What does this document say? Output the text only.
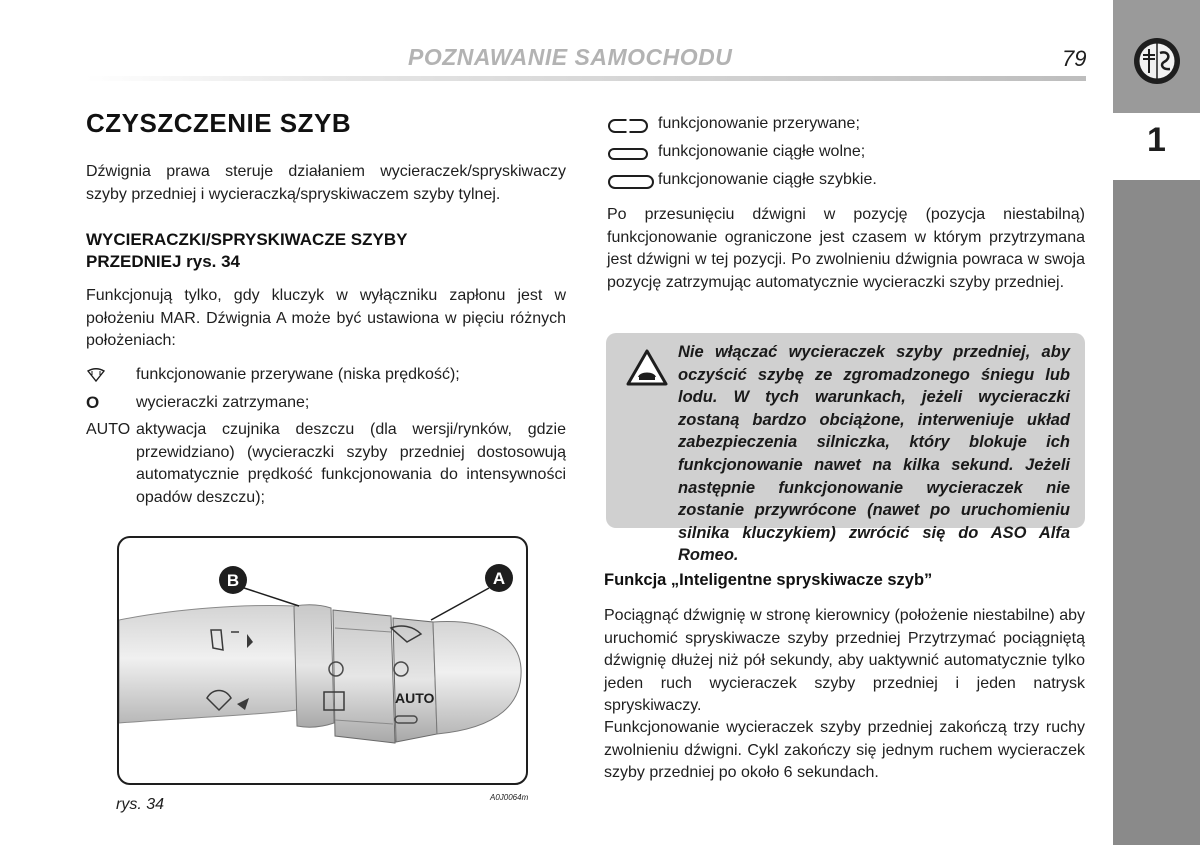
POZNAWANIE SAMOCHODU	79
1
CZYSZCZENIE SZYB
Dźwignia prawa steruje działaniem wycieraczek/spryskiwaczy szyby przedniej i wycieraczką/spryskiwaczem szyby tylnej.
WYCIERACZKI/SPRYSKIWACZE SZYBY PRZEDNIEJ rys. 34
Funkcjonują tylko, gdy kluczyk w wyłączniku zapłonu jest w położeniu MAR. Dźwignia A może być ustawiona w pięciu różnych położeniach:
funkcjonowanie przerywane (niska prędkość);
O wycieraczki zatrzymane;
AUTO aktywacja czujnika deszczu (dla wersji/rynków, gdzie przewidziano) (wycieraczki szyby przedniej dostosowują automatycznie prędkość funkcjonowania do intensywności opadów deszczu);
AUTO
B	A
rys. 34	A0J0064m
funkcjonowanie przerywane;
funkcjonowanie ciągłe wolne;
funkcjonowanie ciągłe szybkie.
Po przesunięciu dźwigni w pozycję (pozycja niestabilną) funkcjonowanie ograniczone jest czasem w którym przytrzymana jest dźwigni w tej pozycji. Po zwolnieniu dźwignia powraca w swoja pozycję zatrzymując automatycznie wycieraczki szyby przedniej.
Nie włączać wycieraczek szyby przedniej, aby oczyścić szybę ze zgromadzonego śniegu lub lodu. W tych warunkach, jeżeli wycieraczki zostaną bardzo obciążone, interweniuje układ zabezpieczenia silniczka, który blokuje ich funkcjonowanie nawet na kilka sekund. Jeżeli następnie funkcjonowanie wycieraczek nie zostanie przywrócone (nawet po uruchomieniu silnika kluczykiem) zwrócić się do ASO Alfa Romeo.
Funkcja „Inteligentne spryskiwacze szyb”
Pociągnąć dźwignię w stronę kierownicy (położenie niestabilne) aby uruchomić spryskiwacze szyby przedniej Przytrzymać pociągniętą dźwignię dłużej niż pół sekundy, aby uaktywnić automatycznie tylko jeden ruch wycieraczek szyby przedniej i jeden natrysk spryskiwaczy.
Funkcjonowanie wycieraczek szyby przedniej zakończą trzy ruchy zwolnieniu dźwigni. Cykl zakończy się jednym ruchem wycieraczek szyby przedniej po około 6 sekundach.
